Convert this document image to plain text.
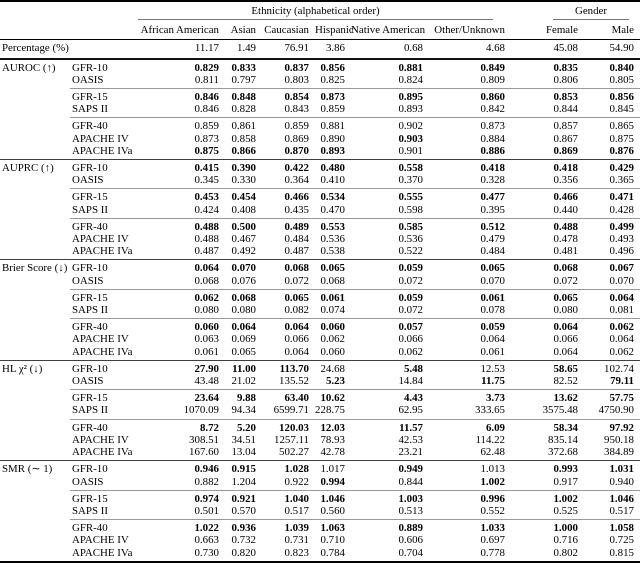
		Ethnicity (alphabetical order)						Gender	

		African American	Asian	Caucasian	Hispanic	Native American	Other/Unknown	Female	Male
Percentage (%)		11.17	1.49	76.91	3.86	0.68	4.68	45.08	54.90
AUROC (↑)	GFR-10	0.829	0.833	0.837	0.856	0.881	0.849	0.835	0.840
	OASIS	0.811	0.797	0.803	0.825	0.824	0.809	0.806	0.805
	GFR-15	0.846	0.848	0.854	0.873	0.895	0.860	0.853	0.856
	SAPS II	0.846	0.828	0.843	0.859	0.893	0.842	0.844	0.845
	GFR-40	0.859	0.861	0.859	0.881	0.902	0.873	0.857	0.865
	APACHE IV	0.873	0.858	0.869	0.890	0.903	0.884	0.867	0.875
	APACHE IVa	0.875	0.866	0.870	0.893	0.901	0.886	0.869	0.876
AUPRC (↑)	GFR-10	0.415	0.390	0.422	0.480	0.558	0.418	0.418	0.429
	OASIS	0.345	0.330	0.364	0.410	0.370	0.328	0.356	0.365
	GFR-15	0.453	0.454	0.466	0.534	0.555	0.477	0.466	0.471
	SAPS II	0.424	0.408	0.435	0.470	0.598	0.395	0.440	0.428
	GFR-40	0.488	0.500	0.489	0.553	0.585	0.512	0.488	0.499
	APACHE IV	0.488	0.467	0.484	0.536	0.536	0.479	0.478	0.493
	APACHE IVa	0.487	0.492	0.487	0.538	0.522	0.484	0.481	0.496
Brier Score (↓)	GFR-10	0.064	0.070	0.068	0.065	0.059	0.065	0.068	0.067
	OASIS	0.068	0.076	0.072	0.068	0.072	0.070	0.072	0.070
	GFR-15	0.062	0.068	0.065	0.061	0.059	0.061	0.065	0.064
	SAPS II	0.080	0.080	0.082	0.074	0.072	0.078	0.080	0.081
	GFR-40	0.060	0.064	0.064	0.060	0.057	0.059	0.064	0.062
	APACHE IV	0.063	0.069	0.066	0.062	0.066	0.064	0.066	0.064
	APACHE IVa	0.061	0.065	0.064	0.060	0.062	0.061	0.064	0.062
HL χ² (↓)	GFR-10	27.90	11.00	113.70	24.68	5.48	12.53	58.65	102.74
	OASIS	43.48	21.02	135.52	5.23	14.84	11.75	82.52	79.11
	GFR-15	23.64	9.88	63.40	10.62	4.43	3.73	13.62	57.75
	SAPS II	1070.09	94.34	6599.71	228.75	62.95	333.65	3575.48	4750.90
	GFR-40	8.72	5.20	120.03	12.03	11.57	6.09	58.34	97.92
	APACHE IV	308.51	34.51	1257.11	78.93	42.53	114.22	835.14	950.18
	APACHE IVa	167.60	13.04	502.27	42.78	23.21	62.48	372.68	384.89
SMR (∼ 1)	GFR-10	0.946	0.915	1.028	1.017	0.949	1.013	0.993	1.031
	OASIS	0.882	1.204	0.922	0.994	0.844	1.002	0.917	0.940
	GFR-15	0.974	0.921	1.040	1.046	1.003	0.996	1.002	1.046
	SAPS II	0.501	0.570	0.517	0.560	0.513	0.552	0.525	0.517
	GFR-40	1.022	0.936	1.039	1.063	0.889	1.033	1.000	1.058
	APACHE IV	0.663	0.732	0.731	0.710	0.606	0.697	0.716	0.725
	APACHE IVa	0.730	0.820	0.823	0.784	0.704	0.778	0.802	0.815
